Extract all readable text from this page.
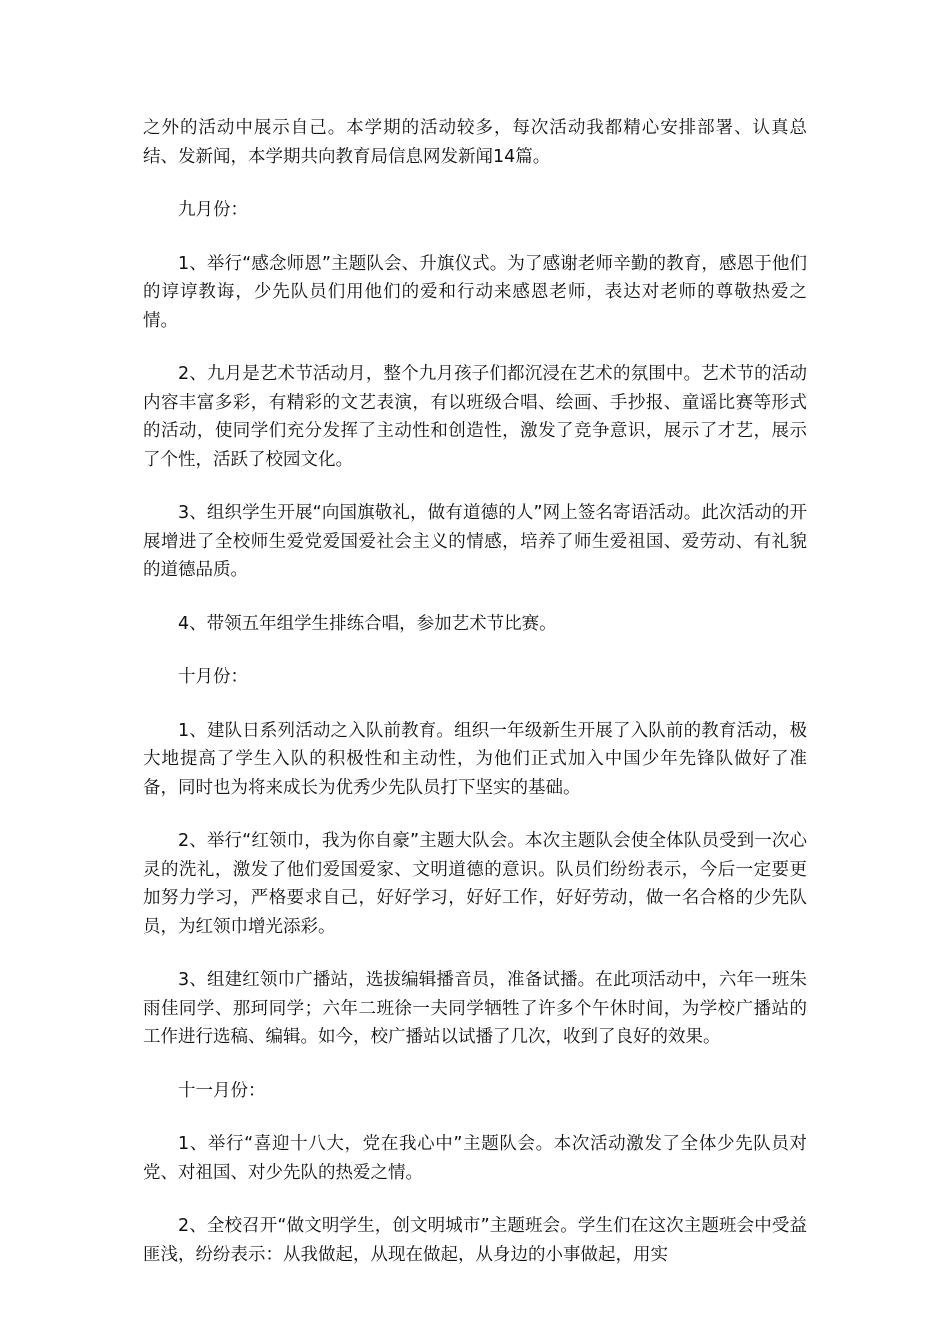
之外的活动中展示自己。本学期的活动较多，每次活动我都精心安排部署、认真总结、发新闻，本学期共向教育局信息网发新闻14篇。

九月份：

1、举行“感念师恩”主题队会、升旗仪式。为了感谢老师辛勤的教育，感恩于他们的谆谆教诲，少先队员们用他们的爱和行动来感恩老师，表达对老师的尊敬热爱之情。

2、九月是艺术节活动月，整个九月孩子们都沉浸在艺术的氛围中。艺术节的活动内容丰富多彩，有精彩的文艺表演，有以班级合唱、绘画、手抄报、童谣比赛等形式的活动，使同学们充分发挥了主动性和创造性，激发了竞争意识，展示了才艺，展示了个性，活跃了校园文化。

3、组织学生开展“向国旗敬礼，做有道德的人”网上签名寄语活动。此次活动的开展增进了全校师生爱党爱国爱社会主义的情感，培养了师生爱祖国、爱劳动、有礼貌的道德品质。

4、带领五年组学生排练合唱，参加艺术节比赛。

十月份：

1、建队日系列活动之入队前教育。组织一年级新生开展了入队前的教育活动，极大地提高了学生入队的积极性和主动性，为他们正式加入中国少年先锋队做好了准备，同时也为将来成长为优秀少先队员打下坚实的基础。

2、举行“红领巾，我为你自豪”主题大队会。本次主题队会使全体队员受到一次心灵的洗礼，激发了他们爱国爱家、文明道德的意识。队员们纷纷表示，今后一定要更加努力学习，严格要求自己，好好学习，好好工作，好好劳动，做一名合格的少先队员，为红领巾增光添彩。

3、组建红领巾广播站，选拔编辑播音员，准备试播。在此项活动中，六年一班朱雨佳同学、那珂同学；六年二班徐一夫同学牺牲了许多个午休时间，为学校广播站的工作进行选稿、编辑。如今，校广播站以试播了几次，收到了良好的效果。

十一月份：

1、举行“喜迎十八大，党在我心中”主题队会。本次活动激发了全体少先队员对党、对祖国、对少先队的热爱之情。

2、全校召开“做文明学生，创文明城市”主题班会。学生们在这次主题班会中受益匪浅，纷纷表示：从我做起，从现在做起，从身边的小事做起，用实
